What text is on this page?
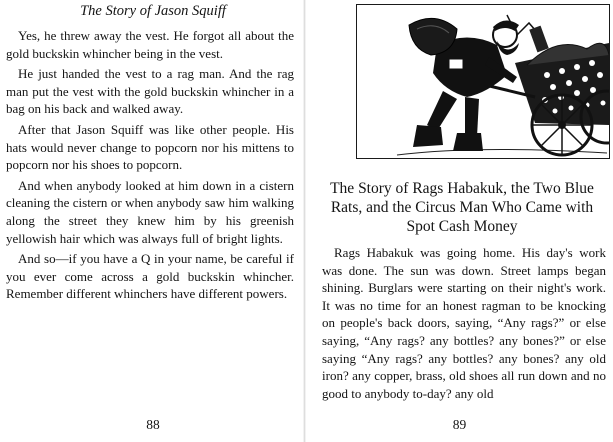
The Story of Jason Squiff

Yes, he threw away the vest. He forgot all about the gold buckskin whincher being in the vest.

He just handed the vest to a rag man. And the rag man put the vest with the gold buckskin whincher in a bag on his back and walked away.

After that Jason Squiff was like other people. His hats would never change to popcorn nor his mittens to popcorn nor his shoes to popcorn.

And when anybody looked at him down in a cistern cleaning the cistern or when anybody saw him walking along the street they knew him by his greenish yellowish hair which was always full of bright lights.

And so—if you have a Q in your name, be careful if you ever come across a gold buckskin whincher. Remember different whinchers have different powers.

88
The Story of Rags Habakuk, the Two Blue Rats, and the Circus Man Who Came with Spot Cash Money

Rags Habakuk was going home. His day's work was done. The sun was down. Street lamps began shining. Burglars were starting on their night's work. It was no time for an honest ragman to be knocking on people's back doors, saying, “Any rags?” or else saying, “Any rags? any bottles? any bones?” or else saying “Any rags? any bottles? any bones? any old iron? any copper, brass, old shoes all run down and no good to anybody to-day? any old

89
